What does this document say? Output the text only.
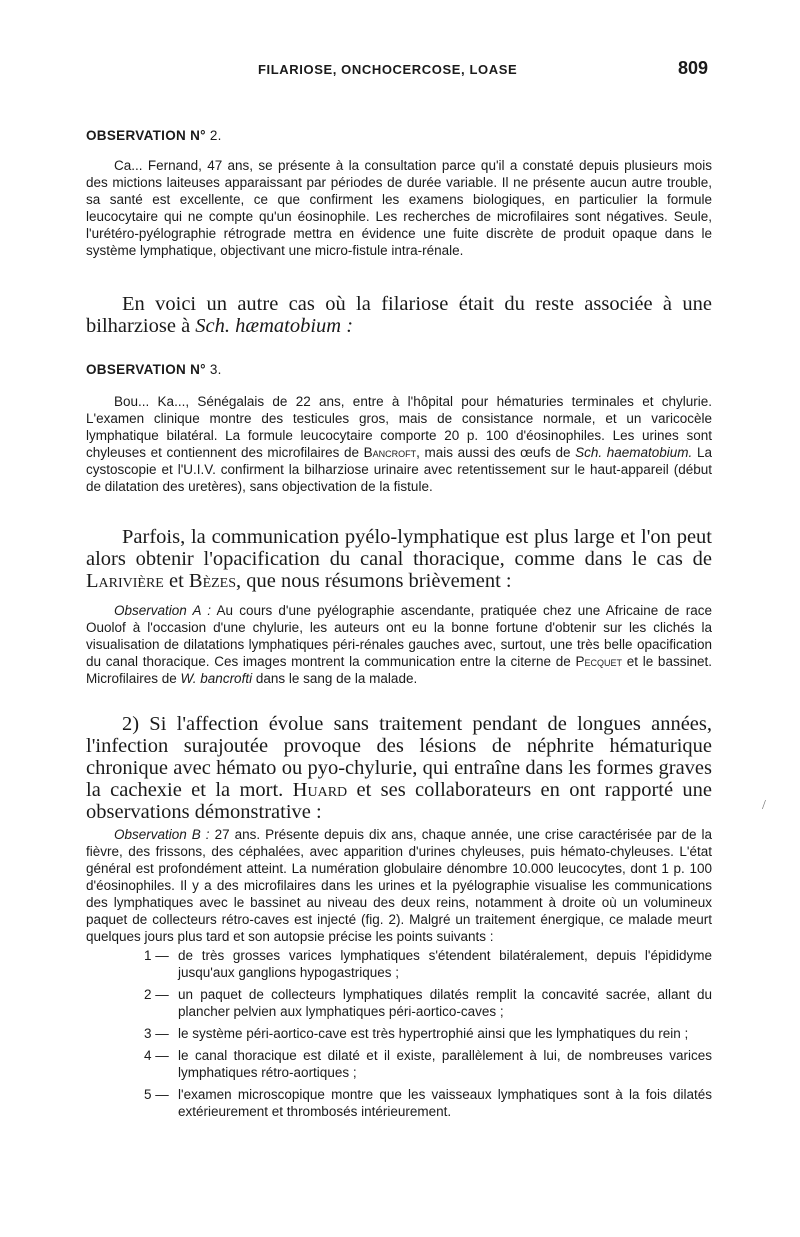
FILARIOSE, ONCHOCERCOSE, LOASE	809
OBSERVATION N° 2.

Ca... Fernand, 47 ans, se présente à la consultation parce qu'il a constaté depuis plusieurs mois des mictions laiteuses apparaissant par périodes de durée variable. Il ne présente aucun autre trouble, sa santé est excellente, ce que confirment les examens biologiques, en particulier la formule leucocytaire qui ne compte qu'un éosinophile. Les recherches de microfilaires sont négatives. Seule, l'urétéro-pyélographie rétrograde mettra en évidence une fuite discrète de produit opaque dans le système lymphatique, objectivant une micro-fistule intra-rénale.

En voici un autre cas où la filariose était du reste associée à une bilharziose à Sch. hæmatobium :

OBSERVATION N° 3.

Bou... Ka..., Sénégalais de 22 ans, entre à l'hôpital pour hématuries terminales et chylurie. L'examen clinique montre des testicules gros, mais de consistance normale, et un varicocèle lymphatique bilatéral. La formule leucocytaire comporte 20 p. 100 d'éosinophiles. Les urines sont chyleuses et contiennent des microfilaires de Bancroft, mais aussi des œufs de Sch. haematobium. La cystoscopie et l'U.I.V. confirment la bilharziose urinaire avec retentissement sur le haut-appareil (début de dilatation des uretères), sans objectivation de la fistule.

Parfois, la communication pyélo-lymphatique est plus large et l'on peut alors obtenir l'opacification du canal thoracique, comme dans le cas de Larivière et Bèzes, que nous résumons brièvement :

Observation A : Au cours d'une pyélographie ascendante, pratiquée chez une Africaine de race Ouolof à l'occasion d'une chylurie, les auteurs ont eu la bonne fortune d'obtenir sur les clichés la visualisation de dilatations lymphatiques péri-rénales gauches avec, surtout, une très belle opacification du canal thoracique. Ces images montrent la communication entre la citerne de Pecquet et le bassinet. Microfilaires de W. bancrofti dans le sang de la malade.

2) Si l'affection évolue sans traitement pendant de longues années, l'infection surajoutée provoque des lésions de néphrite hématurique chronique avec hémato ou pyo-chylurie, qui entraîne dans les formes graves la cachexie et la mort. Huard et ses collaborateurs en ont rapporté une observations démonstrative :

Observation B : 27 ans. Présente depuis dix ans, chaque année, une crise caractérisée par de la fièvre, des frissons, des céphalées, avec apparition d'urines chyleuses, puis hémato-chyleuses. L'état général est profondément atteint. La numération globulaire dénombre 10.000 leucocytes, dont 1 p. 100 d'éosinophiles. Il y a des microfilaires dans les urines et la pyélographie visualise les communications des lymphatiques avec le bassinet au niveau des deux reins, notamment à droite où un volumineux paquet de collecteurs rétro-caves est injecté (fig. 2). Malgré un traitement énergique, ce malade meurt quelques jours plus tard et son autopsie précise les points suivants :

1 — de très grosses varices lymphatiques s'étendent bilatéralement, depuis l'épididyme jusqu'aux ganglions hypogastriques ;
2 — un paquet de collecteurs lymphatiques dilatés remplit la concavité sacrée, allant du plancher pelvien aux lymphatiques péri-aortico-caves ;
3 — le système péri-aortico-cave est très hypertrophié ainsi que les lymphatiques du rein ;
4 — le canal thoracique est dilaté et il existe, parallèlement à lui, de nombreuses varices lymphatiques rétro-aortiques ;
5 — l'examen microscopique montre que les vaisseaux lymphatiques sont à la fois dilatés extérieurement et thrombosés intérieurement.
/
